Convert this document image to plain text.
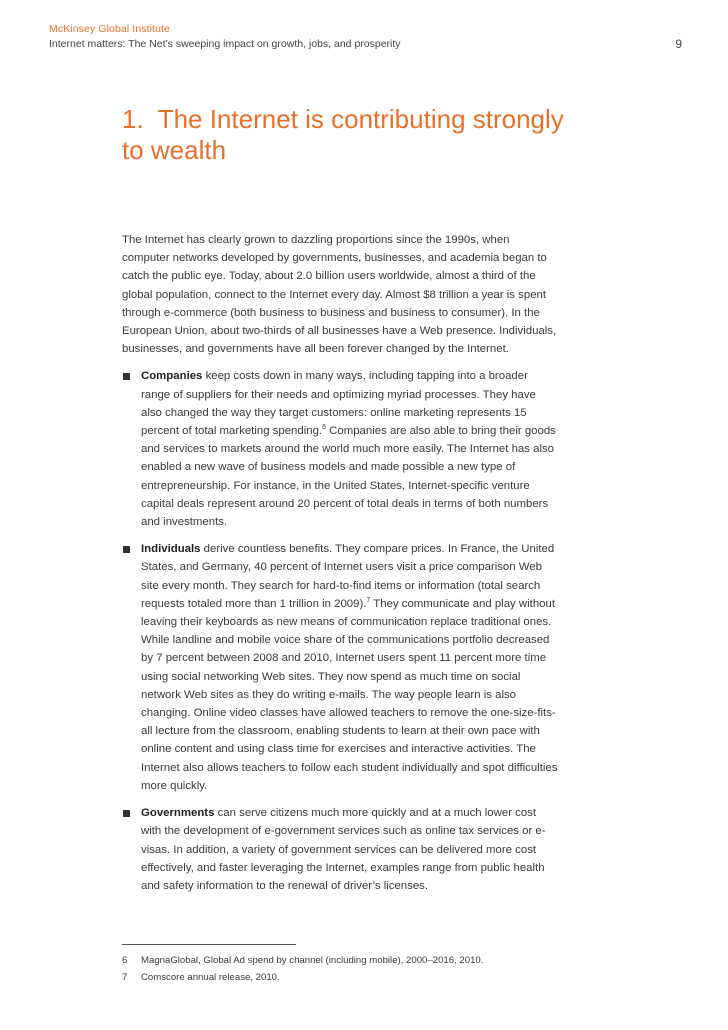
McKinsey Global Institute
Internet matters: The Net’s sweeping impact on growth, jobs, and prosperity	9
1. The Internet is contributing strongly to wealth

The Internet has clearly grown to dazzling proportions since the 1990s, when computer networks developed by governments, businesses, and academia began to catch the public eye. Today, about 2.0 billion users worldwide, almost a third of the global population, connect to the Internet every day. Almost $8 trillion a year is spent through e-commerce (both business to business and business to consumer). In the European Union, about two-thirds of all businesses have a Web presence. Individuals, businesses, and governments have all been forever changed by the Internet.

Companies keep costs down in many ways, including tapping into a broader range of suppliers for their needs and optimizing myriad processes. They have also changed the way they target customers: online marketing represents 15 percent of total marketing spending.$^6$ Companies are also able to bring their goods and services to markets around the world much more easily. The Internet has also enabled a new wave of business models and made possible a new type of entrepreneurship. For instance, in the United States, Internet-specific venture capital deals represent around 20 percent of total deals in terms of both numbers and investments.
Individuals derive countless benefits. They compare prices. In France, the United States, and Germany, 40 percent of Internet users visit a price comparison Web site every month. They search for hard-to-find items or information (total search requests totaled more than 1 trillion in 2009).$^7$ They communicate and play without leaving their keyboards as new means of communication replace traditional ones. While landline and mobile voice share of the communications portfolio decreased by 7 percent between 2008 and 2010, Internet users spent 11 percent more time using social networking Web sites. They now spend as much time on social network Web sites as they do writing e-mails. The way people learn is also changing. Online video classes have allowed teachers to remove the one-size-fits-all lecture from the classroom, enabling students to learn at their own pace with online content and using class time for exercises and interactive activities. The Internet also allows teachers to follow each student individually and spot difficulties more quickly.
Governments can serve citizens much more quickly and at a much lower cost with the development of e-government services such as online tax services or e-visas. In addition, a variety of government services can be delivered more cost effectively, and faster leveraging the Internet, examples range from public health and safety information to the renewal of driver’s licenses.
6	MagnaGlobal, Global Ad spend by channel (including mobile), 2000–2016, 2010.
7	Comscore annual release, 2010.
